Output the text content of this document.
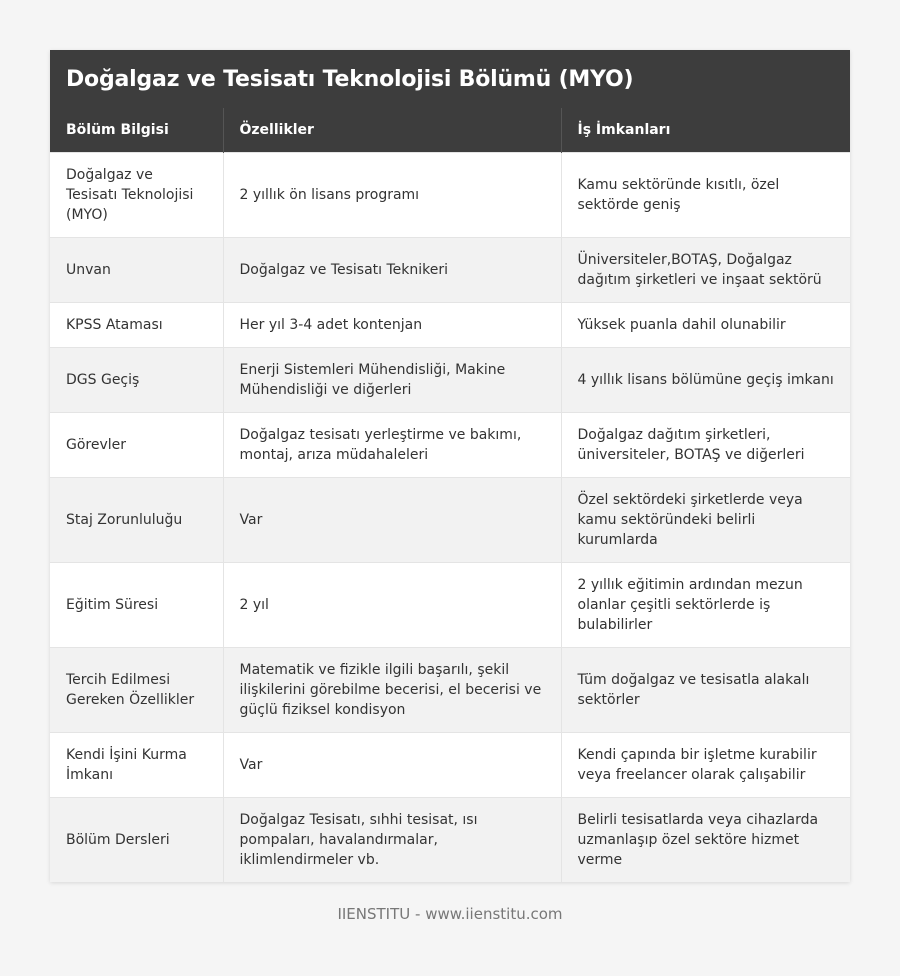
Doğalgaz ve Tesisatı Teknolojisi Bölümü (MYO)
Bölüm Bilgisi	Özellikler	İş İmkanları
Doğalgaz ve Tesisatı Teknolojisi (MYO)	2 yıllık ön lisans programı	Kamu sektöründe kısıtlı, özel sektörde geniş
Unvan	Doğalgaz ve Tesisatı Teknikeri	Üniversiteler,BOTAŞ, Doğalgaz dağıtım şirketleri ve inşaat sektörü
KPSS Ataması	Her yıl 3-4 adet kontenjan	Yüksek puanla dahil olunabilir
DGS Geçiş	Enerji Sistemleri Mühendisliği, Makine Mühendisliği ve diğerleri	4 yıllık lisans bölümüne geçiş imkanı
Görevler	Doğalgaz tesisatı yerleştirme ve bakımı, montaj, arıza müdahaleleri	Doğalgaz dağıtım şirketleri, üniversiteler, BOTAŞ ve diğerleri
Staj Zorunluluğu	Var	Özel sektördeki şirketlerde veya kamu sektöründeki belirli kurumlarda
Eğitim Süresi	2 yıl	2 yıllık eğitimin ardından mezun olanlar çeşitli sektörlerde iş bulabilirler
Tercih Edilmesi Gereken Özellikler	Matematik ve fizikle ilgili başarılı, şekil ilişkilerini görebilme becerisi, el becerisi ve güçlü fiziksel kondisyon	Tüm doğalgaz ve tesisatla alakalı sektörler
Kendi İşini Kurma İmkanı	Var	Kendi çapında bir işletme kurabilir veya freelancer olarak çalışabilir
Bölüm Dersleri	Doğalgaz Tesisatı, sıhhi tesisat, ısı pompaları, havalandırmalar, iklimlendirmeler vb.	Belirli tesisatlarda veya cihazlarda uzmanlaşıp özel sektöre hizmet verme
IIENSTITU - www.iienstitu.com
